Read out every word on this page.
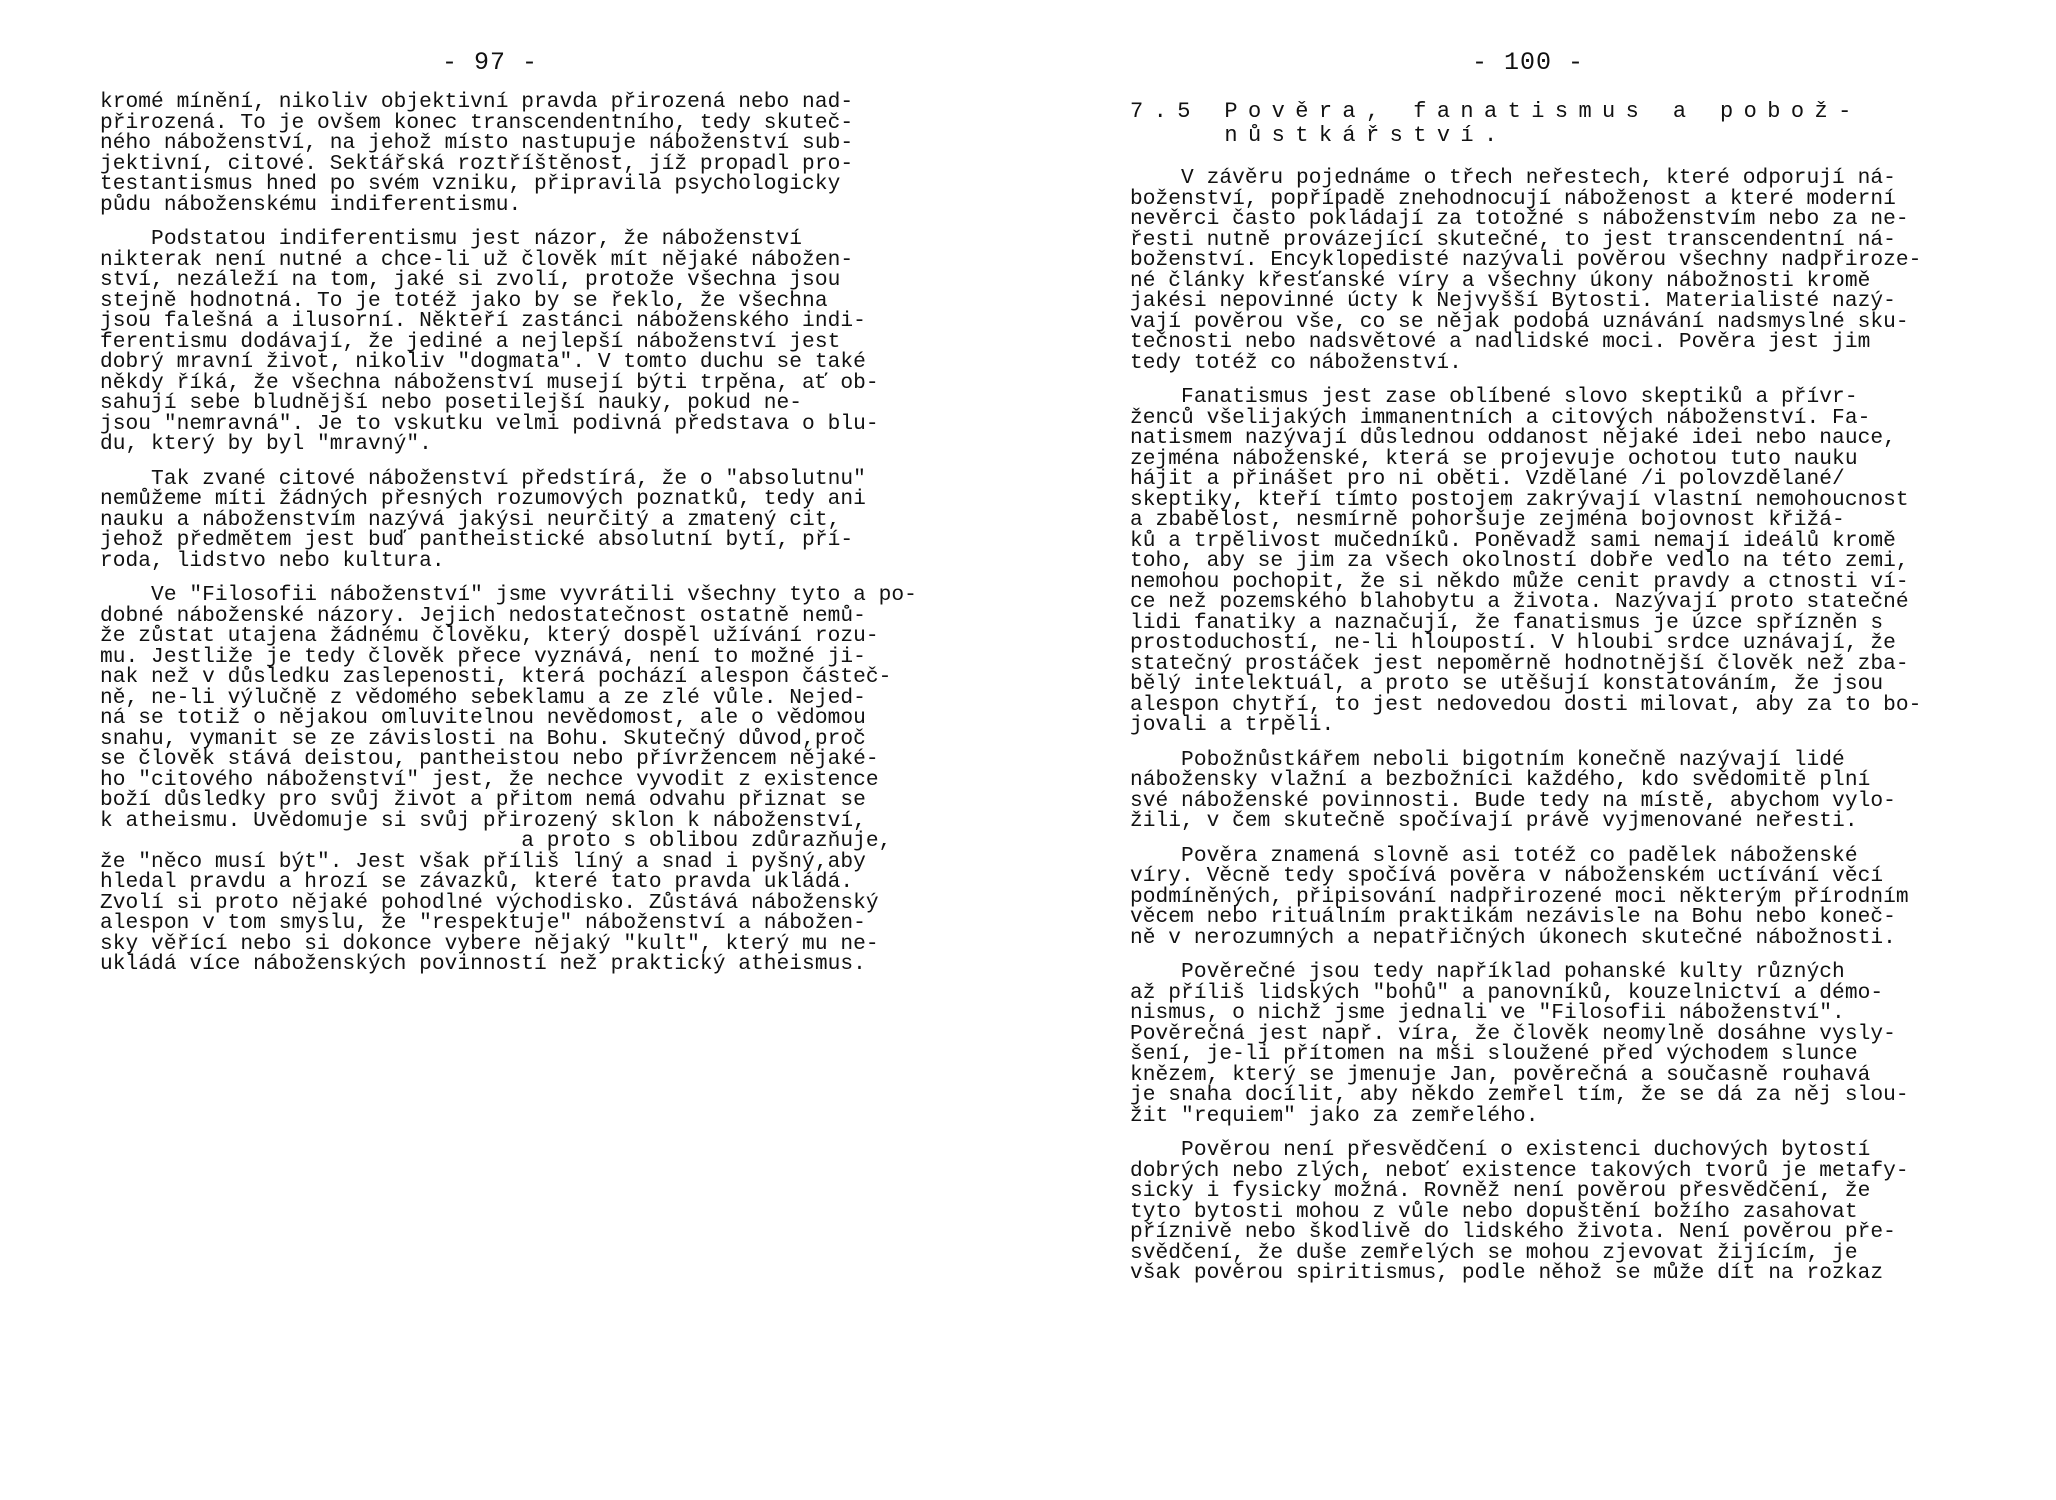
- 97 -
kromé mínění, nikoliv objektivní pravda přirozená nebo nad-
přirozená. To je ovšem konec transcendentního, tedy skuteč-
ného náboženství, na jehož místo nastupuje náboženství sub-
jektivní, citové. Sektářská roztříštěnost, jíž propadl pro-
testantismus hned po svém vzniku, připravila psychologicky
půdu náboženskému indiferentismu.
Podstatou indiferentismu jest názor, že náboženství
nikterak není nutné a chce-li už člověk mít nějaké nábožen-
ství, nezáleží na tom, jaké si zvolí, protože všechna jsou
stejně hodnotná. To je totéž jako by se řeklo, že všechna
jsou falešná a ilusorní. Někteří zastánci náboženského indi-
ferentismu dodávají, že jediné a nejlepší náboženství jest
dobrý mravní život, nikoliv "dogmata". V tomto duchu se také
někdy říká, že všechna náboženství musejí býti trpěna, ať ob-
sahují sebe bludnější nebo posetilejší nauky, pokud ne-
jsou "nemravná". Je to vskutku velmi podivná představa o blu-
du, který by byl "mravný".
Tak zvané citové náboženství předstírá, že o "absolutnu"
nemůžeme míti žádných přesných rozumových poznatků, tedy ani
nauku a náboženstvím nazývá jakýsi neurčitý a zmatený cit,
jehož předmětem jest buď pantheistické absolutní bytí, pří-
roda, lidstvo nebo kultura.
Ve "Filosofii náboženství" jsme vyvrátili všechny tyto a po-
dobné náboženské názory. Jejich nedostatečnost ostatně nemů-
že zůstat utajena žádnému člověku, který dospěl užívání rozu-
mu. Jestliže je tedy člověk přece vyznává, není to možné ji-
nak než v důsledku zaslepenosti, která pochází alespon částeč-
ně, ne-li výlučně z vědomého sebeklamu a ze zlé vůle. Nejed-
ná se totiž o nějakou omluvitelnou nevědomost, ale o vědomou
snahu, vymanit se ze závislosti na Bohu. Skutečný důvod,proč
se člověk stává deistou, pantheistou nebo přívržencem nějaké-
ho "citového náboženství" jest, že nechce vyvodit z existence
boží důsledky pro svůj život a přitom nemá odvahu přiznat se
k atheismu. Uvědomuje si svůj přirozený sklon k náboženství,
a proto s oblibou zdůrazňuje,
že "něco musí být". Jest však příliš líný a snad i pyšný,aby
hledal pravdu a hrozí se závazků, které tato pravda ukládá.
Zvolí si proto nějaké pohodlné východisko. Zůstává náboženský
alespon v tom smyslu, že "respektuje" náboženství a nábožen-
sky věřící nebo si dokonce vybere nějaký "kult", který mu ne-
ukládá více náboženských povinností než praktický atheismus.
- 100 -
7.5 Pověra, fanatismus a pobož-
nůstkářství.
V závěru pojednáme o třech neřestech, které odporují ná-
boženství, popřípadě znehodnocují náboženost a které moderní
nevěrci často pokládají za totožné s náboženstvím nebo za ne-
řesti nutně provázející skutečné, to jest transcendentní ná-
boženství. Encyklopedisté nazývali pověrou všechny nadpřiroze-
né články křesťanské víry a všechny úkony nábožnosti kromě
jakési nepovinné úcty k Nejvyšší Bytosti. Materialisté nazý-
vají pověrou vše, co se nějak podobá uznávání nadsmyslné sku-
tečnosti nebo nadsvětové a nadlidské moci. Pověra jest jim
tedy totéž co náboženství.
Fanatismus jest zase oblíbené slovo skeptiků a přívr-
ženců všelijakých immanentních a citových náboženství. Fa-
natismem nazývají důslednou oddanost nějaké idei nebo nauce,
zejména náboženské, která se projevuje ochotou tuto nauku
hájit a přinášet pro ni oběti. Vzdělané /i polovzdělané/
skeptiky, kteří tímto postojem zakrývají vlastní nemohoucnost
a zbabělost, nesmírně pohoršuje zejména bojovnost křižá-
ků a trpělivost mučedníků. Poněvadž sami nemají ideálů kromě
toho, aby se jim za všech okolností dobře vedlo na této zemi,
nemohou pochopit, že si někdo může cenit pravdy a ctnosti ví-
ce než pozemského blahobytu a života. Nazývají proto statečné
lidi fanatiky a naznačují, že fanatismus je úzce spřízněn s
prostoduchostí, ne-li hloupostí. V hloubi srdce uznávají, že
statečný prostáček jest nepoměrně hodnotnější člověk než zba-
bělý intelektuál, a proto se utěšují konstatováním, že jsou
alespon chytří, to jest nedovedou dosti milovat, aby za to bo-
jovali a trpěli.
Pobožnůstkářem neboli bigotním konečně nazývají lidé
nábožensky vlažní a bezbožníci každého, kdo svědomitě plní
své náboženské povinnosti. Bude tedy na místě, abychom vylo-
žili, v čem skutečně spočívají právě vyjmenované neřesti.
Pověra znamená slovně asi totéž co padělek náboženské
víry. Věcně tedy spočívá pověra v náboženském uctívání věcí
podmíněných, připisování nadpřirozené moci některým přírodním
věcem nebo rituálním praktikám nezávisle na Bohu nebo koneč-
ně v nerozumných a nepatřičných úkonech skutečné nábožnosti.
Pověrečné jsou tedy například pohanské kulty různých
až příliš lidských "bohů" a panovníků, kouzelnictví a démo-
nismus, o nichž jsme jednali ve "Filosofii náboženství".
Pověrečná jest např. víra, že člověk neomylně dosáhne vysly-
šení, je-li přítomen na mši sloužené před východem slunce
knězem, který se jmenuje Jan, pověrečná a současně rouhavá
je snaha docílit, aby někdo zemřel tím, že se dá za něj slou-
žit "requiem" jako za zemřelého.
Pověrou není přesvědčení o existenci duchových bytostí
dobrých nebo zlých, neboť existence takových tvorů je metafy-
sicky i fysicky možná. Rovněž není pověrou přesvědčení, že
tyto bytosti mohou z vůle nebo dopuštění božího zasahovat
příznivě nebo škodlivě do lidského života. Není pověrou pře-
svědčení, že duše zemřelých se mohou zjevovat žijícím, je
však pověrou spiritismus, podle něhož se může dít na rozkaz
